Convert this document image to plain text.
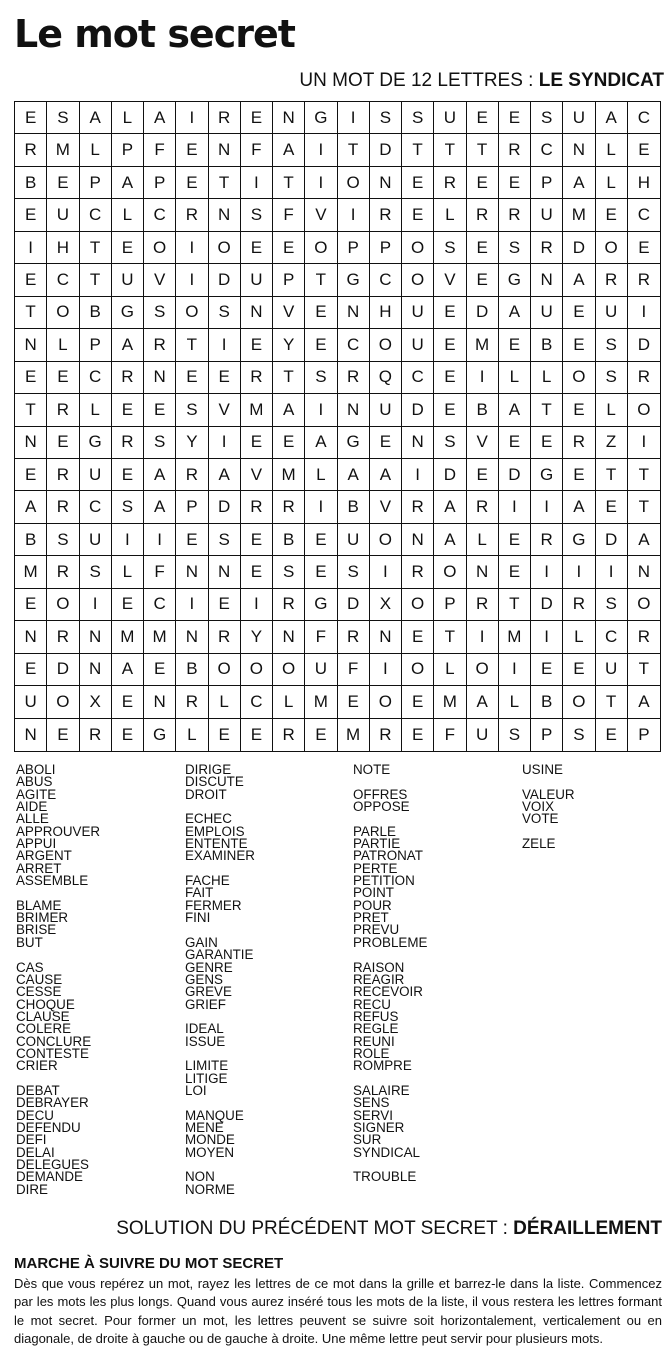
Le mot secret
UN MOT DE 12 LETTRES : LE SYNDICAT
E	S	A	L	A	I	R	E	N	G	I	S	S	U	E	E	S	U	A	C
R	M	L	P	F	E	N	F	A	I	T	D	T	T	T	R	C	N	L	E
B	E	P	A	P	E	T	I	T	I	O	N	E	R	E	E	P	A	L	H
E	U	C	L	C	R	N	S	F	V	I	R	E	L	R	R	U	M	E	C
I	H	T	E	O	I	O	E	E	O	P	P	O	S	E	S	R	D	O	E
E	C	T	U	V	I	D	U	P	T	G	C	O	V	E	G	N	A	R	R
T	O	B	G	S	O	S	N	V	E	N	H	U	E	D	A	U	E	U	I
N	L	P	A	R	T	I	E	Y	E	C	O	U	E	M	E	B	E	S	D
E	E	C	R	N	E	E	R	T	S	R	Q	C	E	I	L	L	O	S	R
T	R	L	E	E	S	V	M	A	I	N	U	D	E	B	A	T	E	L	O
N	E	G	R	S	Y	I	E	E	A	G	E	N	S	V	E	E	R	Z	I
E	R	U	E	A	R	A	V	M	L	A	A	I	D	E	D	G	E	T	T
A	R	C	S	A	P	D	R	R	I	B	V	R	A	R	I	I	A	E	T
B	S	U	I	I	E	S	E	B	E	U	O	N	A	L	E	R	G	D	A
M	R	S	L	F	N	N	E	S	E	S	I	R	O	N	E	I	I	I	N
E	O	I	E	C	I	E	I	R	G	D	X	O	P	R	T	D	R	S	O
N	R	N	M	M	N	R	Y	N	F	R	N	E	T	I	M	I	L	C	R
E	D	N	A	E	B	O	O	O	U	F	I	O	L	O	I	E	E	U	T
U	O	X	E	N	R	L	C	L	M	E	O	E	M	A	L	B	O	T	A
N	E	R	E	G	L	E	E	R	E	M	R	E	F	U	S	P	S	E	P
ABOLI
ABUS
AGITE
AIDE
ALLE
APPROUVER
APPUI
ARGENT
ARRET
ASSEMBLE
BLAME
BRIMER
BRISE
BUT
CAS
CAUSE
CESSE
CHOQUE
CLAUSE
COLERE
CONCLURE
CONTESTE
CRIER
DEBAT
DEBRAYER
DECU
DEFENDU
DEFI
DELAI
DELEGUES
DEMANDE
DIRE
DIRIGE
DISCUTE
DROIT
ECHEC
EMPLOIS
ENTENTE
EXAMINER
FACHE
FAIT
FERMER
FINI
GAIN
GARANTIE
GENRE
GENS
GREVE
GRIEF
IDEAL
ISSUE
LIMITE
LITIGE
LOI
MANQUE
MENE
MONDE
MOYEN
NON
NORME
NOTE
OFFRES
OPPOSE
PARLE
PARTIE
PATRONAT
PERTE
PETITION
POINT
POUR
PRET
PREVU
PROBLEME
RAISON
REAGIR
RECEVOIR
RECU
REFUS
REGLE
REUNI
ROLE
ROMPRE
SALAIRE
SENS
SERVI
SIGNER
SUR
SYNDICAL
TROUBLE
USINE
VALEUR
VOIX
VOTE
ZELE
SOLUTION DU PRÉCÉDENT MOT SECRET : DÉRAILLEMENT
MARCHE À SUIVRE DU MOT SECRET

Dès que vous repérez un mot, rayez les lettres de ce mot dans la grille et barrez-le dans la liste. Commencez par les mots les plus longs. Quand vous aurez inséré tous les mots de la liste, il vous restera les lettres formant le mot secret. Pour former un mot, les lettres peuvent se suivre soit horizontalement, verticalement ou en diagonale, de droite à gauche ou de gauche à droite. Une même lettre peut servir pour plusieurs mots.
